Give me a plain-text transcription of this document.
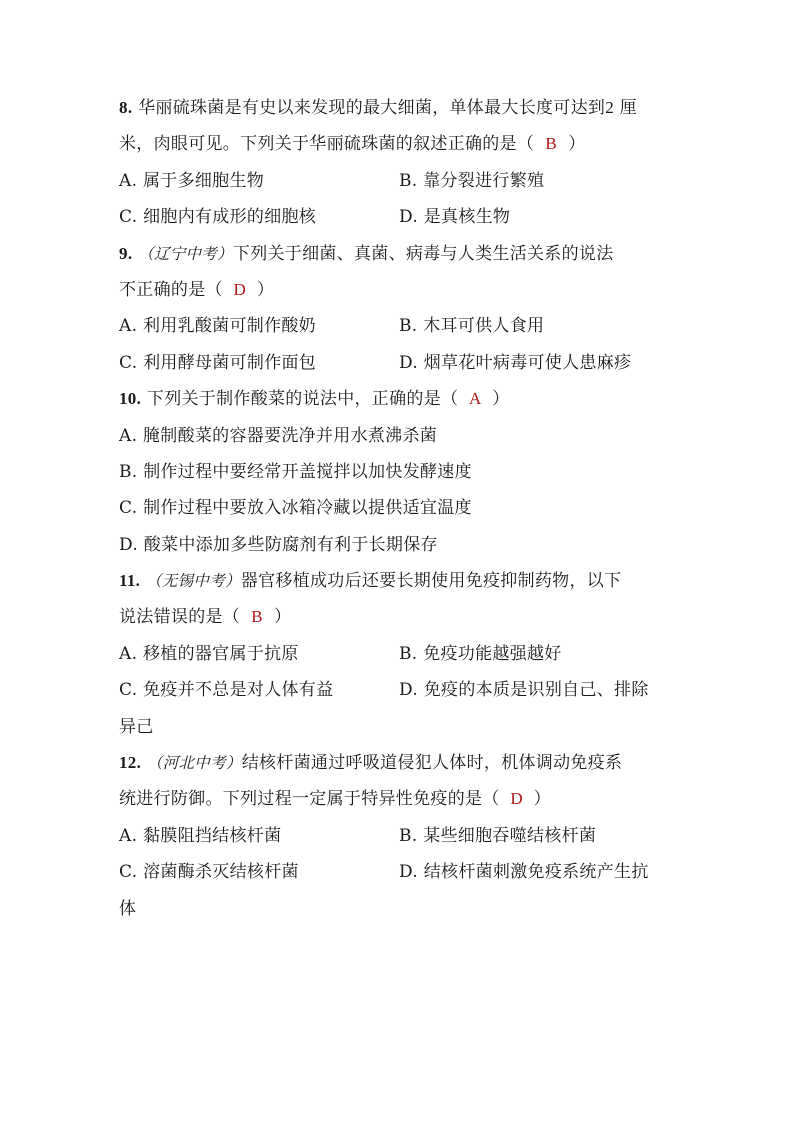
8. 华丽硫珠菌是有史以来发现的最大细菌，单体最大长度可达到2 厘
米，肉眼可见。下列关于华丽硫珠菌的叙述正确的是（ B ）
A. 属于多细胞生物	B. 靠分裂进行繁殖
C. 细胞内有成形的细胞核	D. 是真核生物
9. （辽宁中考）下列关于细菌、真菌、病毒与人类生活关系的说法
不正确的是（ D ）
A. 利用乳酸菌可制作酸奶	B. 木耳可供人食用
C. 利用酵母菌可制作面包	D. 烟草花叶病毒可使人患麻疹
10. 下列关于制作酸菜的说法中，正确的是（ A ）
A. 腌制酸菜的容器要洗净并用水煮沸杀菌
B. 制作过程中要经常开盖搅拌以加快发酵速度
C. 制作过程中要放入冰箱冷藏以提供适宜温度
D. 酸菜中添加多些防腐剂有利于长期保存
11. （无锡中考）器官移植成功后还要长期使用免疫抑制药物，以下
说法错误的是（ B ）
A. 移植的器官属于抗原	B. 免疫功能越强越好
C. 免疫并不总是对人体有益	D. 免疫的本质是识别自己、排除
异己
12. （河北中考）结核杆菌通过呼吸道侵犯人体时，机体调动免疫系
统进行防御。下列过程一定属于特异性免疫的是（ D ）
A. 黏膜阻挡结核杆菌	B. 某些细胞吞噬结核杆菌
C. 溶菌酶杀灭结核杆菌	D. 结核杆菌刺激免疫系统产生抗
体
